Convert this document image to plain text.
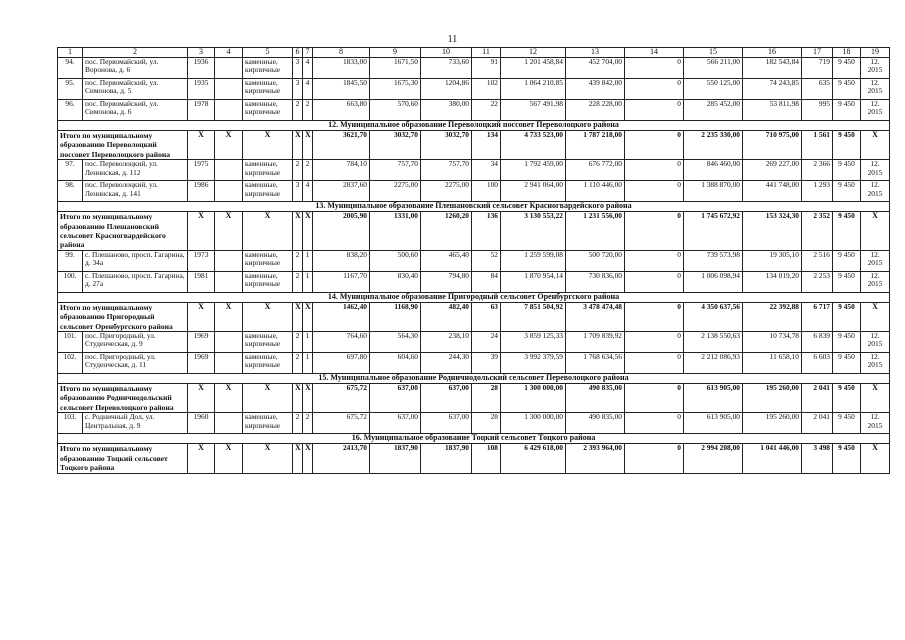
11
1	2	3	4	5	6	7	8	9	10	11	12	13	14	15	16	17	18	19
94.	пос. Первомайский, ул. Воронова, д. 6	1936		каменные, кирпичные	3	4	1833,00	1671,50	733,60	91	1 201 458,84	452 704,00	0	566 211,00	182 543,84	719	9 450	12. 2015
95.	пос. Первомайский, ул. Симонова, д. 5	1935		каменные, кирпичные	3	4	1845,50	1675,30	1204,86	102	1 064 210,85	439 842,00	0	550 125,00	74 243,85	635	9 450	12. 2015
96.	пос. Первомайский, ул. Симонова, д. 6	1978		каменные, кирпичные	2	2	663,80	570,60	380,00	22	567 491,98	228 228,00	0	285 452,00	53 811,98	995	9 450	12. 2015
12. Муниципальное образование Переволоцкий поссовет Переволоцкого района																		
Итого по муниципальному образованию Переволоцкий поссовет Переволоцкого района		X	X	X	X	X	3621,70	3032,70	3032,70	134	4 733 523,00	1 787 218,00	0	2 235 330,00	710 975,00	1 561	9 450	X
97.	пос. Переволоцкий, ул. Ленинская, д. 112	1975		каменные, кирпичные	2	2	784,10	757,70	757,70	34	1 792 459,00	676 772,00	0	846 460,00	269 227,00	2 366	9 450	12. 2015
98.	пос. Переволоцкий, ул. Ленинская, д. 141	1986		каменные, кирпичные	3	4	2837,60	2275,00	2275,00	100	2 941 064,00	1 110 446,00	0	1 388 870,00	441 748,00	1 293	9 450	12. 2015
13. Муниципальное образование Плешановский сельсовет Красногвардейского района																		
Итого по муниципальному образованию Плешановский сельсовет Красногвардейского района		X	X	X	X	X	2005,90	1331,00	1260,20	136	3 130 553,22	1 231 556,00	0	1 745 672,92	153 324,30	2 352	9 450	X
99.	с. Плешаново, просп. Гагарина, д. 34а	1973		каменные, кирпичные	2	1	838,20	500,60	465,40	52	1 259 599,08	500 720,00	0	739 573,98	19 305,10	2 516	9 450	12. 2015
100.	с. Плешаново, просп. Гагарина, д. 27а	1981		каменные, кирпичные	2	1	1167,70	830,40	794,80	84	1 870 954,14	730 836,00	0	1 006 098,94	134 019,20	2 253	9 450	12. 2015
14. Муниципальное образование Пригородный сельсовет Оренбургского района																		
Итого по муниципальному образованию Пригородный сельсовет Оренбургского района		X	X	X	X	X	1462,40	1168,90	482,40	63	7 851 504,92	3 478 474,48	0	4 350 637,56	22 392,88	6 717	9 450	X
101.	пос. Пригородный, ул. Студенческая, д. 9	1969		каменные, кирпичные	2	1	764,60	564,30	238,10	24	3 859 125,33	1 709 839,92	0	2 138 550,63	10 734,78	6 839	9 450	12. 2015
102.	пос. Пригородный, ул. Студенческая, д. 11	1969		каменные, кирпичные	2	1	697,80	604,60	244,30	39	3 992 379,59	1 768 634,56	0	2 212 086,93	11 658,10	6 603	9 450	12. 2015
15. Муниципальное образование Родничнодольский сельсовет Переволоцкого района																		
Итого по муниципальному образованию Родничнодольский сельсовет Переволоцкого района		X	X	X	X	X	675,72	637,00	637,00	28	1 300 000,00	490 835,00	0	613 905,00	195 260,00	2 041	9 450	X
103.	с. Родничный Дол, ул. Центральная, д. 9	1960		каменные, кирпичные	2	2	675,72	637,00	637,00	28	1 300 000,00	490 835,00	0	613 905,00	195 260,00	2 041	9 450	12. 2015
16. Муниципальное образование Тоцкий сельсовет Тоцкого района																		
Итого по муниципальному образованию Тоцкий сельсовет Тоцкого района		X	X	X	X	X	2413,70	1837,90	1837,90	108	6 429 618,00	2 393 964,00	0	2 994 208,00	1 041 446,00	3 498	9 450	X
